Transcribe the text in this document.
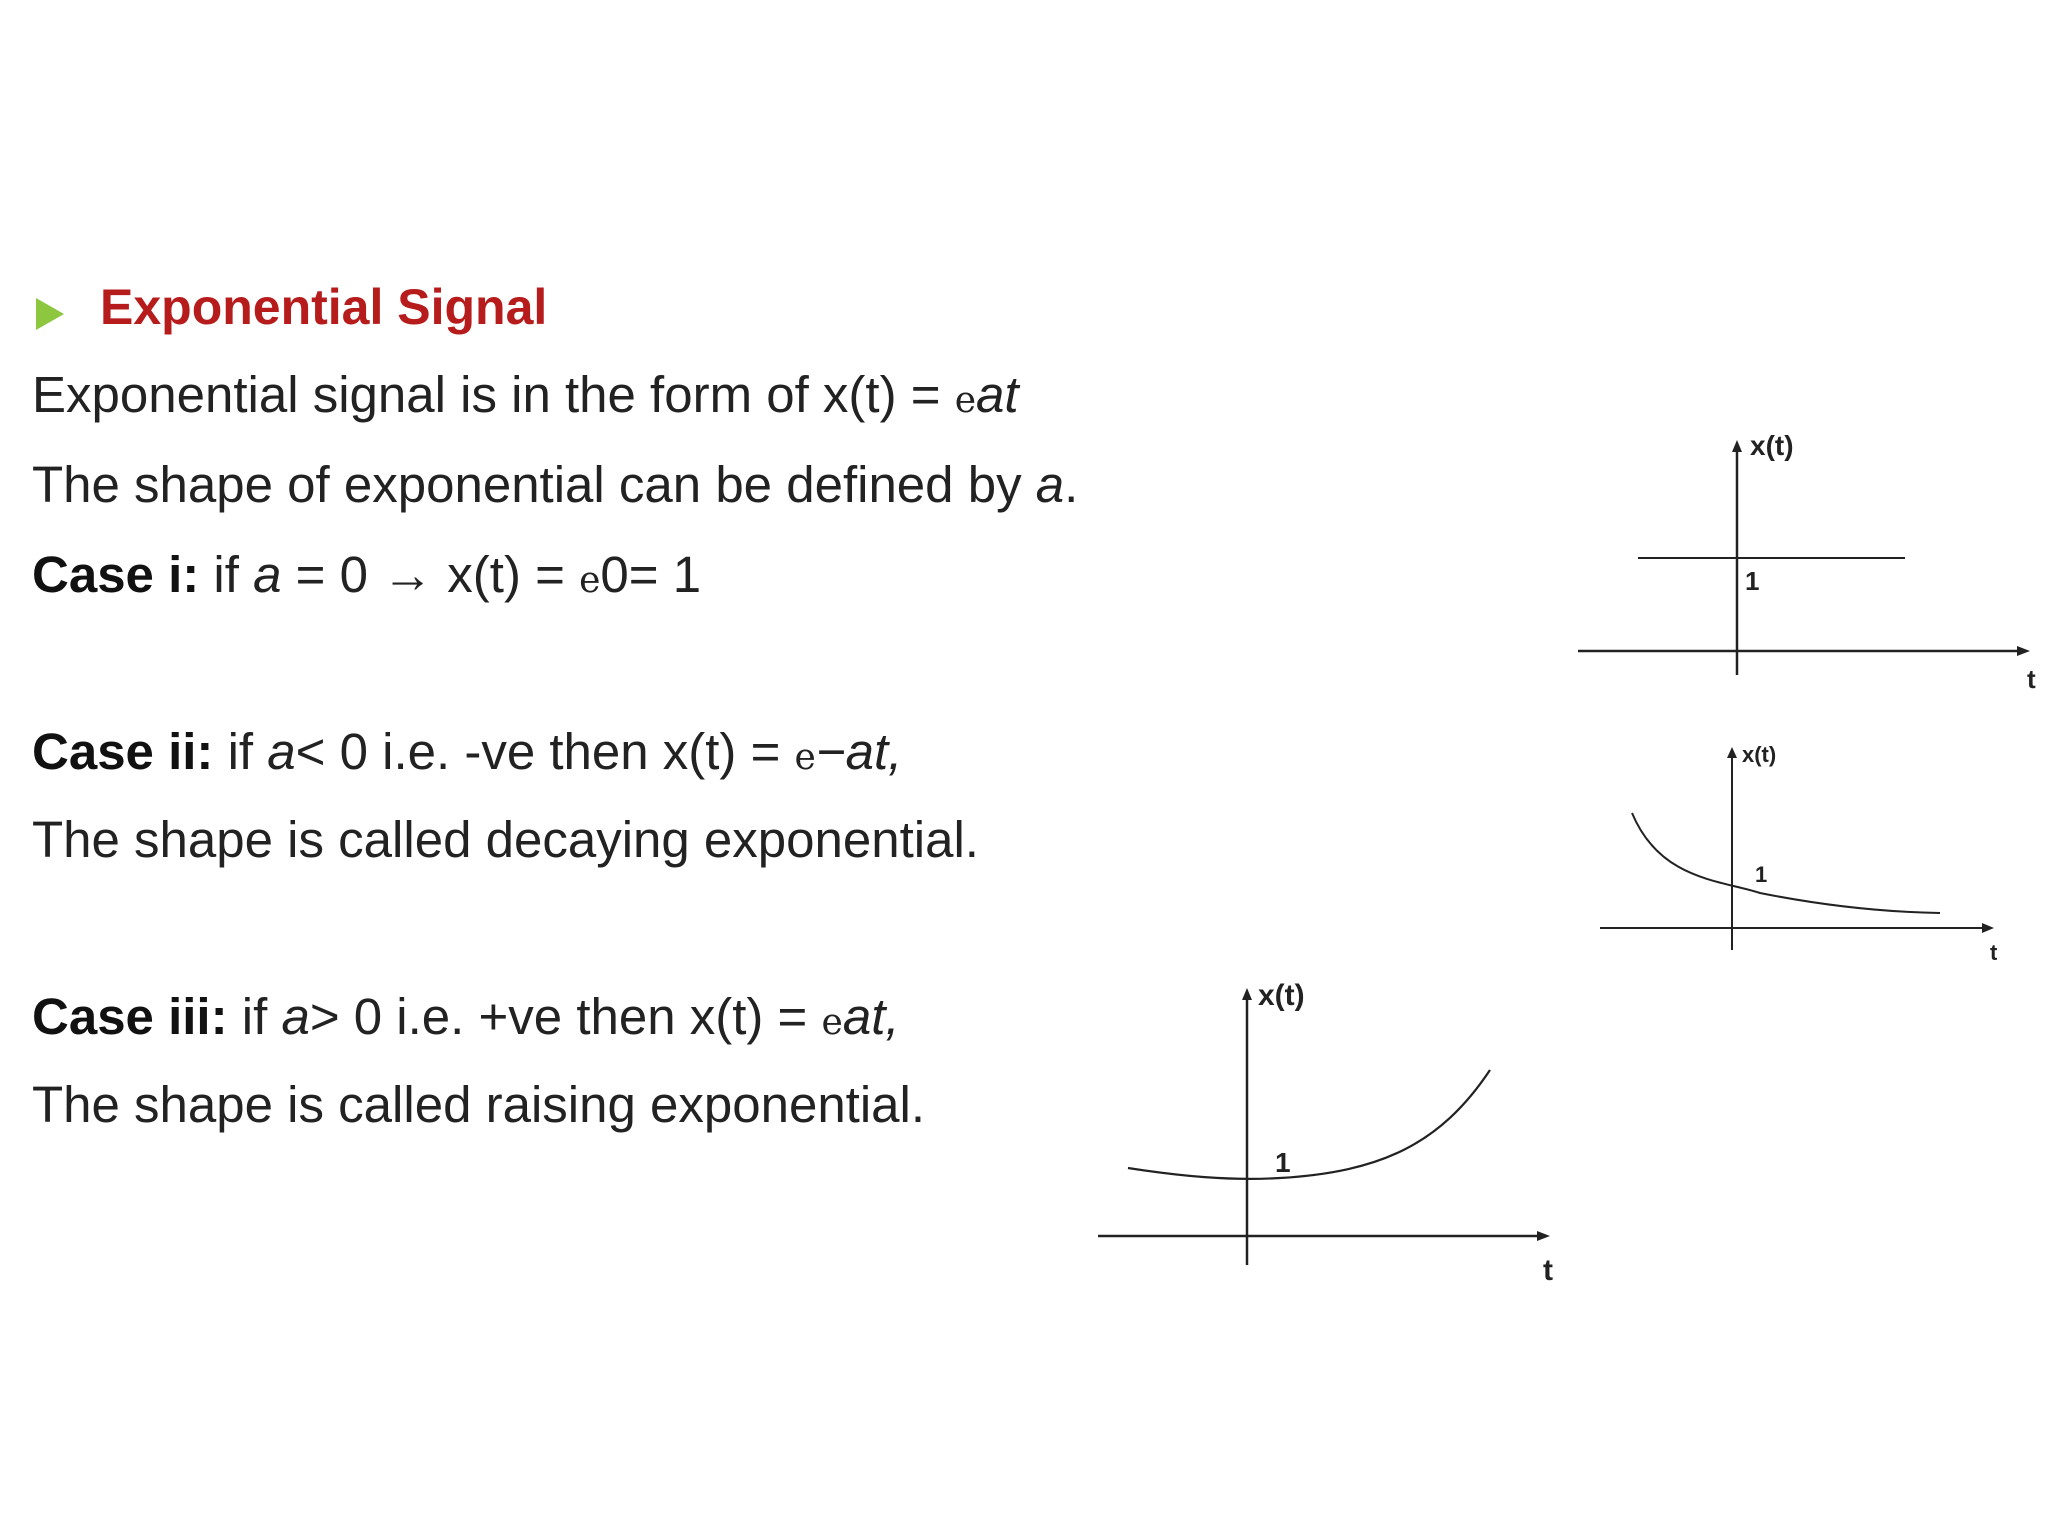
Exponential Signal
Exponential signal is in the form of x(t) = eat
The shape of exponential can be defined by a.
Case i: if a = 0 → x(t) = e0= 1
Case ii: if a< 0 i.e. -ve then x(t) = e−at,
The shape is called decaying exponential.
Case iii: if a> 0 i.e. +ve then x(t) = eat,
The shape is called raising exponential.
x(t)
1
t
x(t)
1
t
x(t)
1
t
